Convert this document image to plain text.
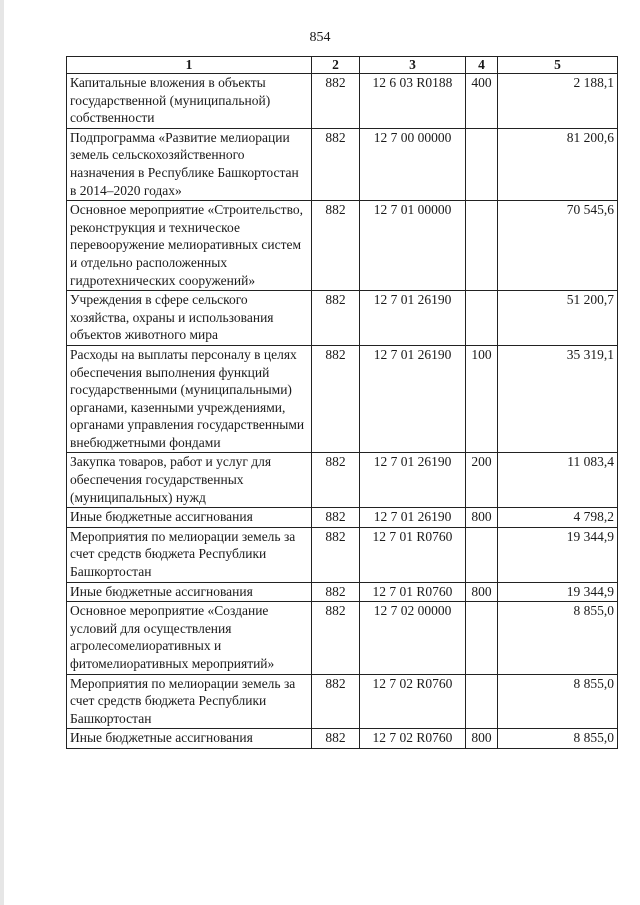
854
1	2	3	4	5
Капитальные вложения в объекты государственной (муниципальной) собственности	882	12 6 03 R0188	400	2 188,1
Подпрограмма «Развитие мелиорации земель сельскохозяйственного назначения в Республике Башкортостан в 2014–2020 годах»	882	12 7 00 00000		81 200,6
Основное мероприятие «Строительство, реконструкция и техническое перевооружение мелиоративных систем и отдельно расположенных гидротехнических сооружений»	882	12 7 01 00000		70 545,6
Учреждения в сфере сельского хозяйства, охраны и использования объектов животного мира	882	12 7 01 26190		51 200,7
Расходы на выплаты персоналу в целях обеспечения выполнения функций государственными (муниципальными) органами, казенными учреждениями, органами управления государственными внебюджетными фондами	882	12 7 01 26190	100	35 319,1
Закупка товаров, работ и услуг для обеспечения государственных (муниципальных) нужд	882	12 7 01 26190	200	11 083,4
Иные бюджетные ассигнования	882	12 7 01 26190	800	4 798,2
Мероприятия по мелиорации земель за счет средств бюджета Республики Башкортостан	882	12 7 01 R0760		19 344,9
Иные бюджетные ассигнования	882	12 7 01 R0760	800	19 344,9
Основное мероприятие «Создание условий для осуществления агролесомелиоративных и фитомелиоративных мероприятий»	882	12 7 02 00000		8 855,0
Мероприятия по мелиорации земель за счет средств бюджета Республики Башкортостан	882	12 7 02 R0760		8 855,0
Иные бюджетные ассигнования	882	12 7 02 R0760	800	8 855,0
